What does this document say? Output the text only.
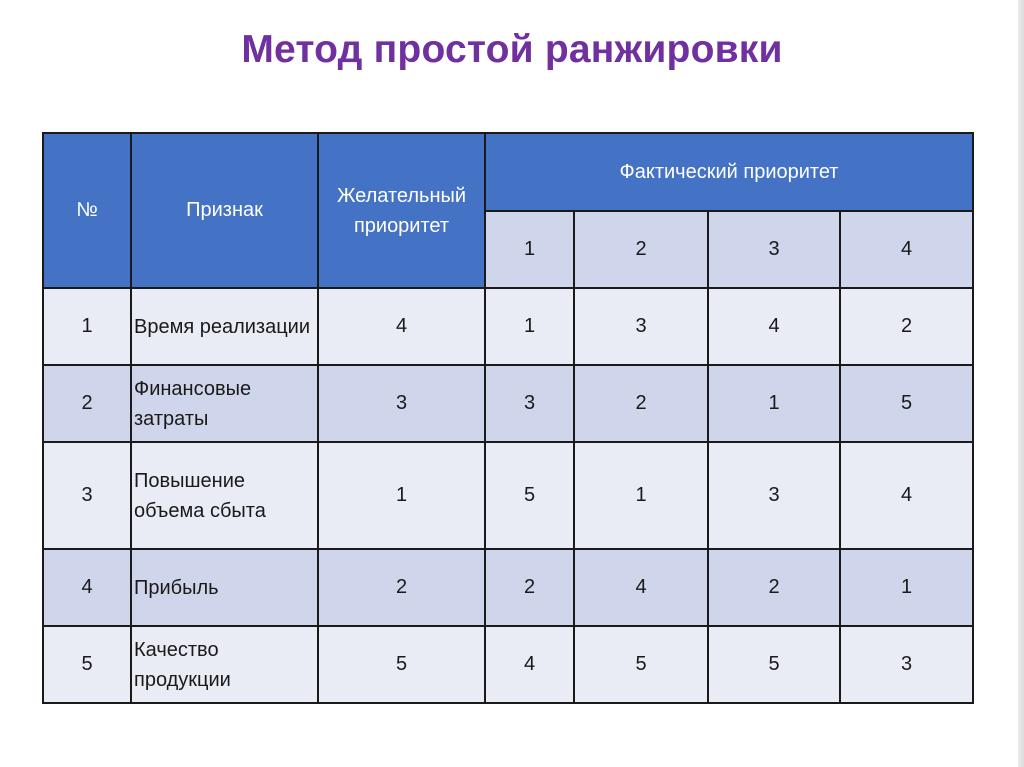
Метод простой ранжировки
№	Признак	Желательный приоритет	Фактический приоритет			
			1	2	3	4
1	Время реализации	4	1	3	4	2
2	Финансовые затраты	3	3	2	1	5
3	Повышение объема сбыта	1	5	1	3	4
4	Прибыль	2	2	4	2	1
5	Качество продукции	5	4	5	5	3
